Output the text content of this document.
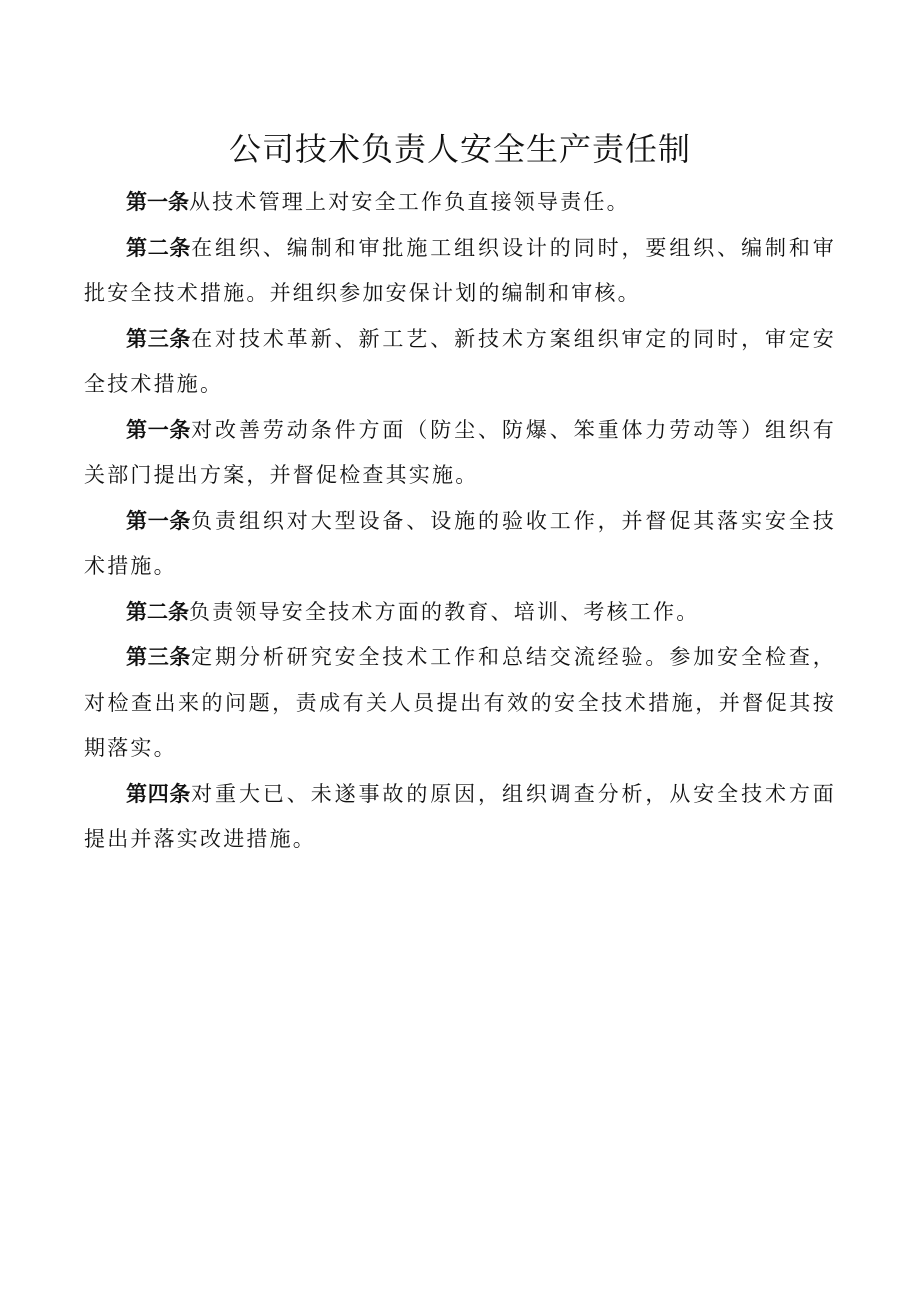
公司技术负责人安全生产责任制

第一条从技术管理上对安全工作负直接领导责任。

第二条在组织、编制和审批施工组织设计的同时，要组织、编制和审批安全技术措施。并组织参加安保计划的编制和审核。

第三条在对技术革新、新工艺、新技术方案组织审定的同时，审定安全技术措施。

第一条对改善劳动条件方面（防尘、防爆、笨重体力劳动等）组织有关部门提出方案，并督促检查其实施。

第一条负责组织对大型设备、设施的验收工作，并督促其落实安全技术措施。

第二条负责领导安全技术方面的教育、培训、考核工作。

第三条定期分析研究安全技术工作和总结交流经验。参加安全检查，对检查出来的问题，责成有关人员提出有效的安全技术措施，并督促其按期落实。

第四条对重大已、未遂事故的原因，组织调查分析，从安全技术方面提出并落实改进措施。
